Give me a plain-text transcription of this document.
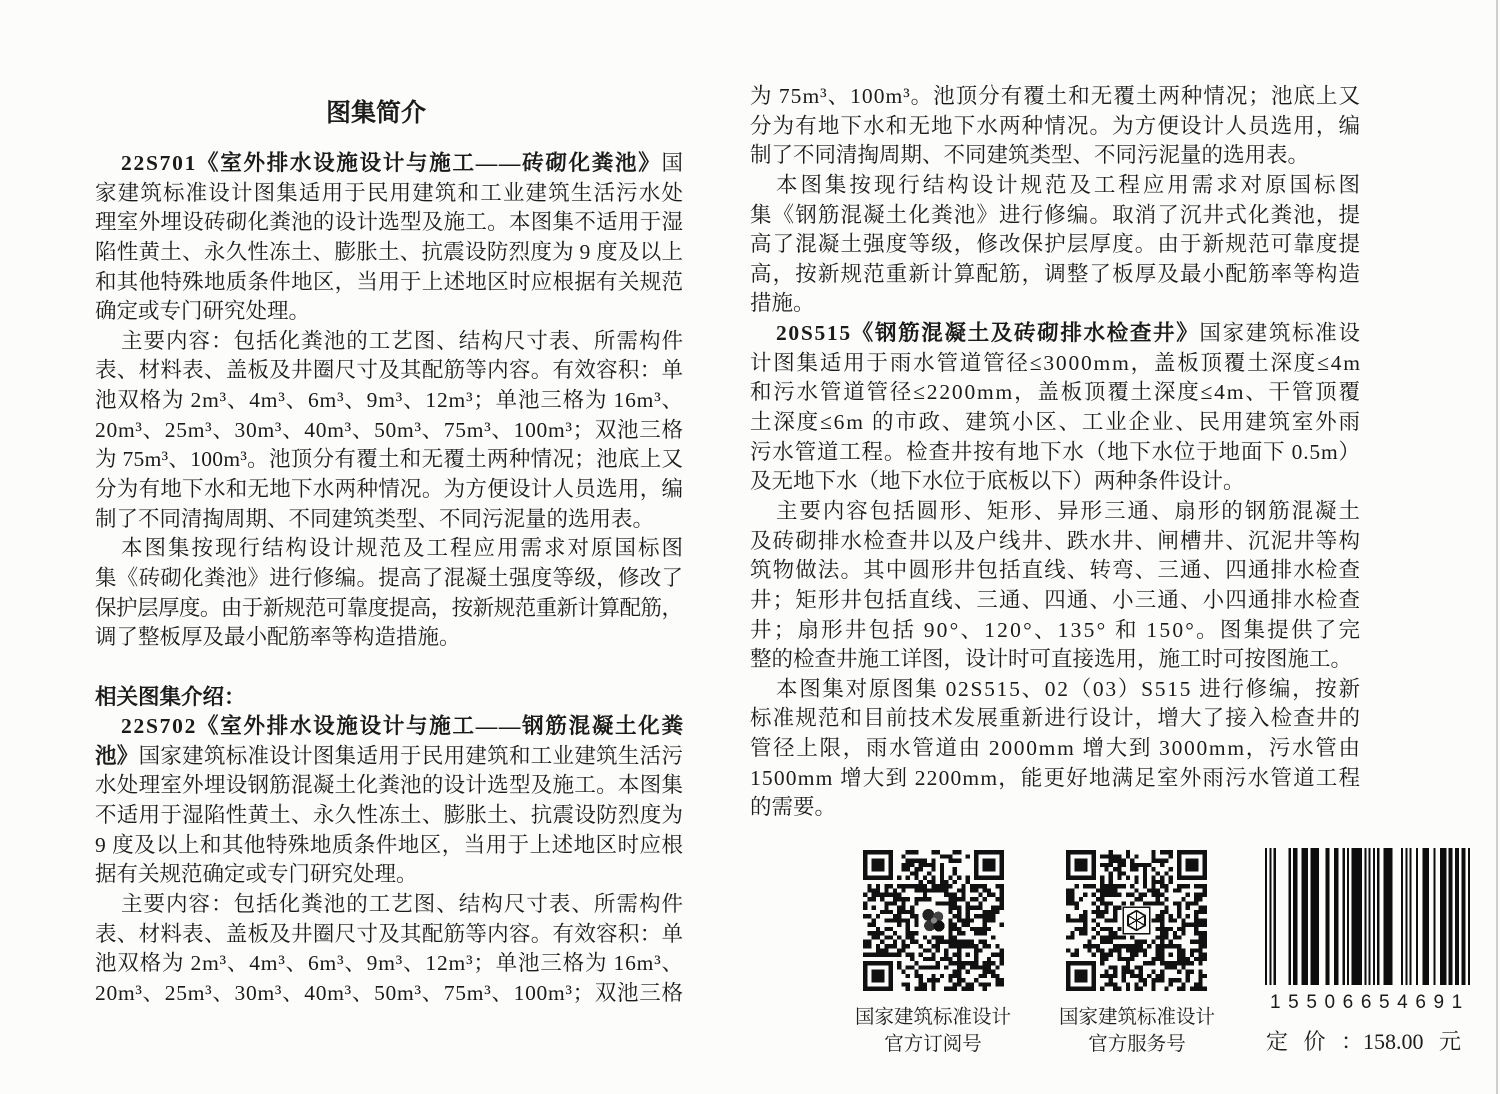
图集简介
22S701《室外排水设施设计与施工——砖砌化粪池》国
家建筑标准设计图集适用于民用建筑和工业建筑生活污水处
理室外埋设砖砌化粪池的设计选型及施工。本图集不适用于湿
陷性黄土、永久性冻土、膨胀土、抗震设防烈度为 9 度及以上
和其他特殊地质条件地区，当用于上述地区时应根据有关规范
确定或专门研究处理。
主要内容：包括化粪池的工艺图、结构尺寸表、所需构件
表、材料表、盖板及井圈尺寸及其配筋等内容。有效容积：单
池双格为 2m³、4m³、6m³、9m³、12m³；单池三格为 16m³、
20m³、25m³、30m³、40m³、50m³、75m³、100m³；双池三格
为 75m³、100m³。池顶分有覆土和无覆土两种情况；池底上又
分为有地下水和无地下水两种情况。为方便设计人员选用，编
制了不同清掏周期、不同建筑类型、不同污泥量的选用表。
本图集按现行结构设计规范及工程应用需求对原国标图
集《砖砌化粪池》进行修编。提高了混凝土强度等级，修改了
保护层厚度。由于新规范可靠度提高，按新规范重新计算配筋，
调了整板厚及最小配筋率等构造措施。
相关图集介绍：
22S702《室外排水设施设计与施工——钢筋混凝土化粪
池》国家建筑标准设计图集适用于民用建筑和工业建筑生活污
水处理室外埋设钢筋混凝土化粪池的设计选型及施工。本图集
不适用于湿陷性黄土、永久性冻土、膨胀土、抗震设防烈度为
9 度及以上和其他特殊地质条件地区，当用于上述地区时应根
据有关规范确定或专门研究处理。
主要内容：包括化粪池的工艺图、结构尺寸表、所需构件
表、材料表、盖板及井圈尺寸及其配筋等内容。有效容积：单
池双格为 2m³、4m³、6m³、9m³、12m³；单池三格为 16m³、
20m³、25m³、30m³、40m³、50m³、75m³、100m³；双池三格
为 75m³、100m³。池顶分有覆土和无覆土两种情况；池底上又
分为有地下水和无地下水两种情况。为方便设计人员选用，编
制了不同清掏周期、不同建筑类型、不同污泥量的选用表。
本图集按现行结构设计规范及工程应用需求对原国标图
集《钢筋混凝土化粪池》进行修编。取消了沉井式化粪池，提
高了混凝土强度等级，修改保护层厚度。由于新规范可靠度提
高，按新规范重新计算配筋，调整了板厚及最小配筋率等构造
措施。
20S515《钢筋混凝土及砖砌排水检查井》国家建筑标准设
计图集适用于雨水管道管径≤3000mm，盖板顶覆土深度≤4m
和污水管道管径≤2200mm，盖板顶覆土深度≤4m、干管顶覆
土深度≤6m 的市政、建筑小区、工业企业、民用建筑室外雨
污水管道工程。检查井按有地下水（地下水位于地面下 0.5m）
及无地下水（地下水位于底板以下）两种条件设计。
主要内容包括圆形、矩形、异形三通、扇形的钢筋混凝土
及砖砌排水检查井以及户线井、跌水井、闸槽井、沉泥井等构
筑物做法。其中圆形井包括直线、转弯、三通、四通排水检查
井；矩形井包括直线、三通、四通、小三通、小四通排水检查
井；扇形井包括 90°、120°、135° 和 150°。图集提供了完
整的检查井施工详图，设计时可直接选用，施工时可按图施工。
本图集对原图集 02S515、02（03）S515 进行修编，按新
标准规范和目前技术发展重新进行设计，增大了接入检查井的
管径上限，雨水管道由 2000mm 增大到 3000mm，污水管由
1500mm 增大到 2200mm，能更好地满足室外雨污水管道工程
的需要。
国家建筑标准设计
官方订阅号
国家建筑标准设计
官方服务号
15506654691
定 价 ：158.00 元
